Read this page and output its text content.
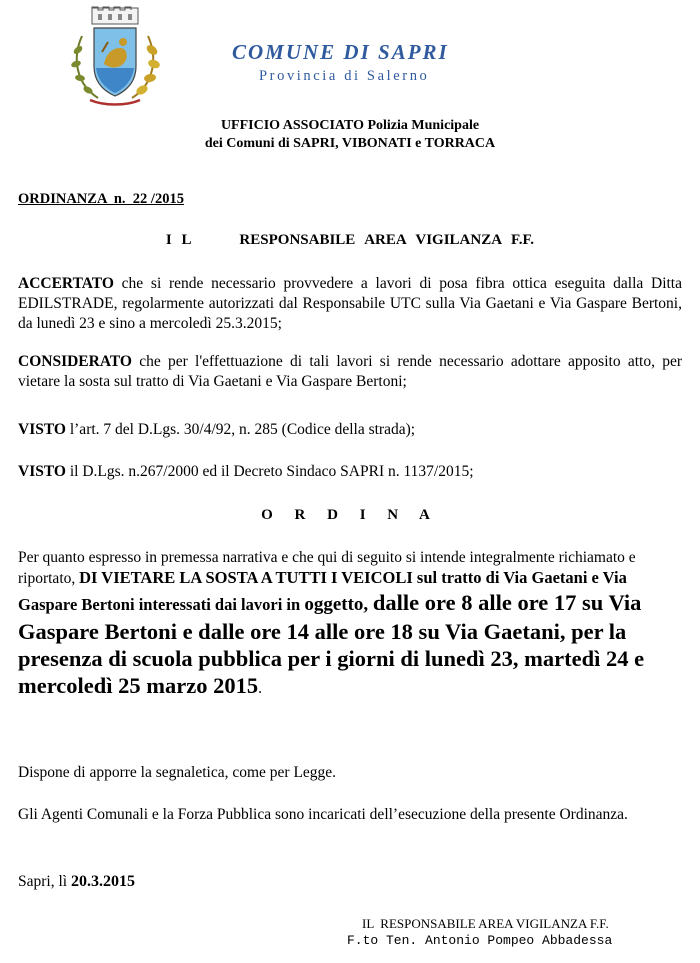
COMUNE DI SAPRI
Provincia di Salerno
UFFICIO ASSOCIATO Polizia Municipale
dei Comuni di SAPRI, VIBONATI e TORRACA
ORDINANZA  n.  22 /2015
I L     RESPONSABILE AREA VIGILANZA F.F.
ACCERTATO che si rende necessario provvedere a lavori di posa fibra ottica eseguita dalla Ditta EDILSTRADE, regolarmente autorizzati dal Responsabile UTC sulla Via Gaetani e Via Gaspare Bertoni, da lunedì 23 e sino a mercoledì 25.3.2015;
CONSIDERATO che per l'effettuazione di tali lavori si rende necessario adottare apposito atto, per vietare la sosta sul tratto di Via Gaetani e Via Gaspare Bertoni;
VISTO l’art. 7 del D.Lgs. 30/4/92, n. 285 (Codice della strada);
VISTO il D.Lgs. n.267/2000 ed il Decreto Sindaco SAPRI n. 1137/2015;
O R D I N A
Per quanto espresso in premessa narrativa e che qui di seguito si intende integralmente richiamato e riportato, DI VIETARE LA SOSTA A TUTTI I VEICOLI sul tratto di Via Gaetani e Via Gaspare Bertoni interessati dai lavori in oggetto, dalle ore 8 alle ore 17 su Via Gaspare Bertoni e dalle ore 14 alle ore 18 su Via Gaetani, per la presenza di scuola pubblica per i giorni di lunedì 23, martedì 24 e mercoledì 25 marzo 2015.
Dispone di apporre la segnaletica, come per Legge.
Gli Agenti Comunali e la Forza Pubblica sono incaricati dell’esecuzione della presente Ordinanza.
Sapri, lì 20.3.2015
IL  RESPONSABILE AREA VIGILANZA F.F.
F.to Ten. Antonio Pompeo Abbadessa
